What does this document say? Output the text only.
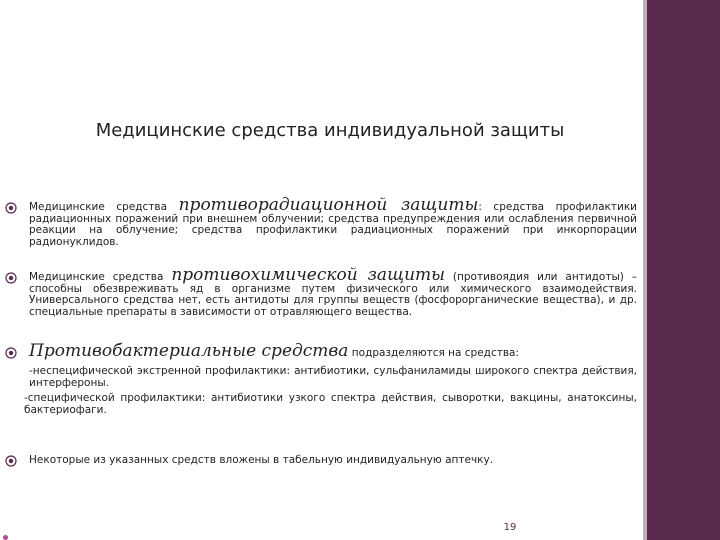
Медицинские средства индивидуальной защиты
Медицинские средства противорадиационной защиты: средства профилактики радиационных поражений при внешнем облучении; средства предупреждения или ослабления первичной реакции на облучение; средства профилактики радиационных поражений при инкорпорации радионуклидов.
Медицинские средства противохимической защиты (противоядия или антидоты) – способны обезвреживать яд в организме путем физического или химического взаимодействия. Универсального средства нет, есть антидоты для группы веществ (фосфорорганические вещества), и др. специальные препараты в зависимости от отравляющего вещества.
Противобактериальные средства подразделяются на средства:
-неспецифической экстренной профилактики: антибиотики, сульфаниламиды широкого спектра действия, интерфероны.
-специфической профилактики: антибиотики узкого спектра действия, сыворотки, вакцины, анатоксины, бактериофаги.
Некоторые из указанных средств вложены в табельную индивидуальную аптечку.
19
